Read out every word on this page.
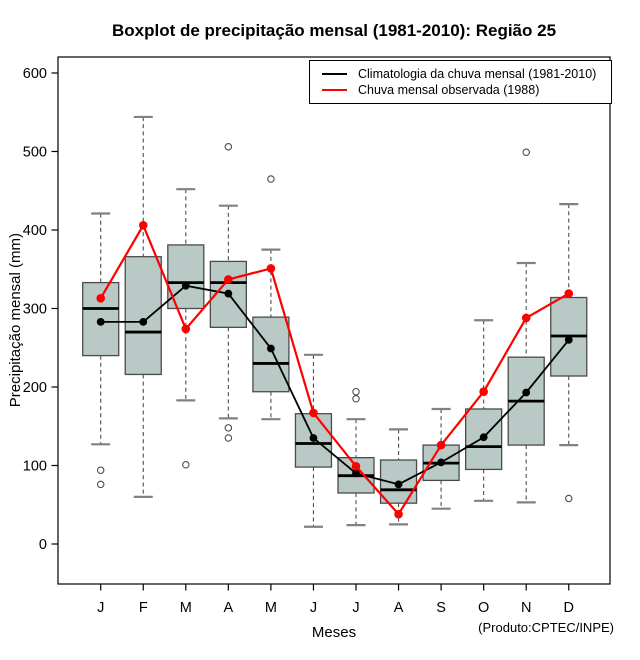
Boxplot de precipitação mensal (1981-2010): Região 25
Precipitação mensal (mm)
0
100
200
300
400
500
600
J F M A M J J A S O N D
Climatologia da chuva mensal (1981-2010)
Chuva mensal observada (1988)
Meses	(Produto:CPTEC/INPE)
